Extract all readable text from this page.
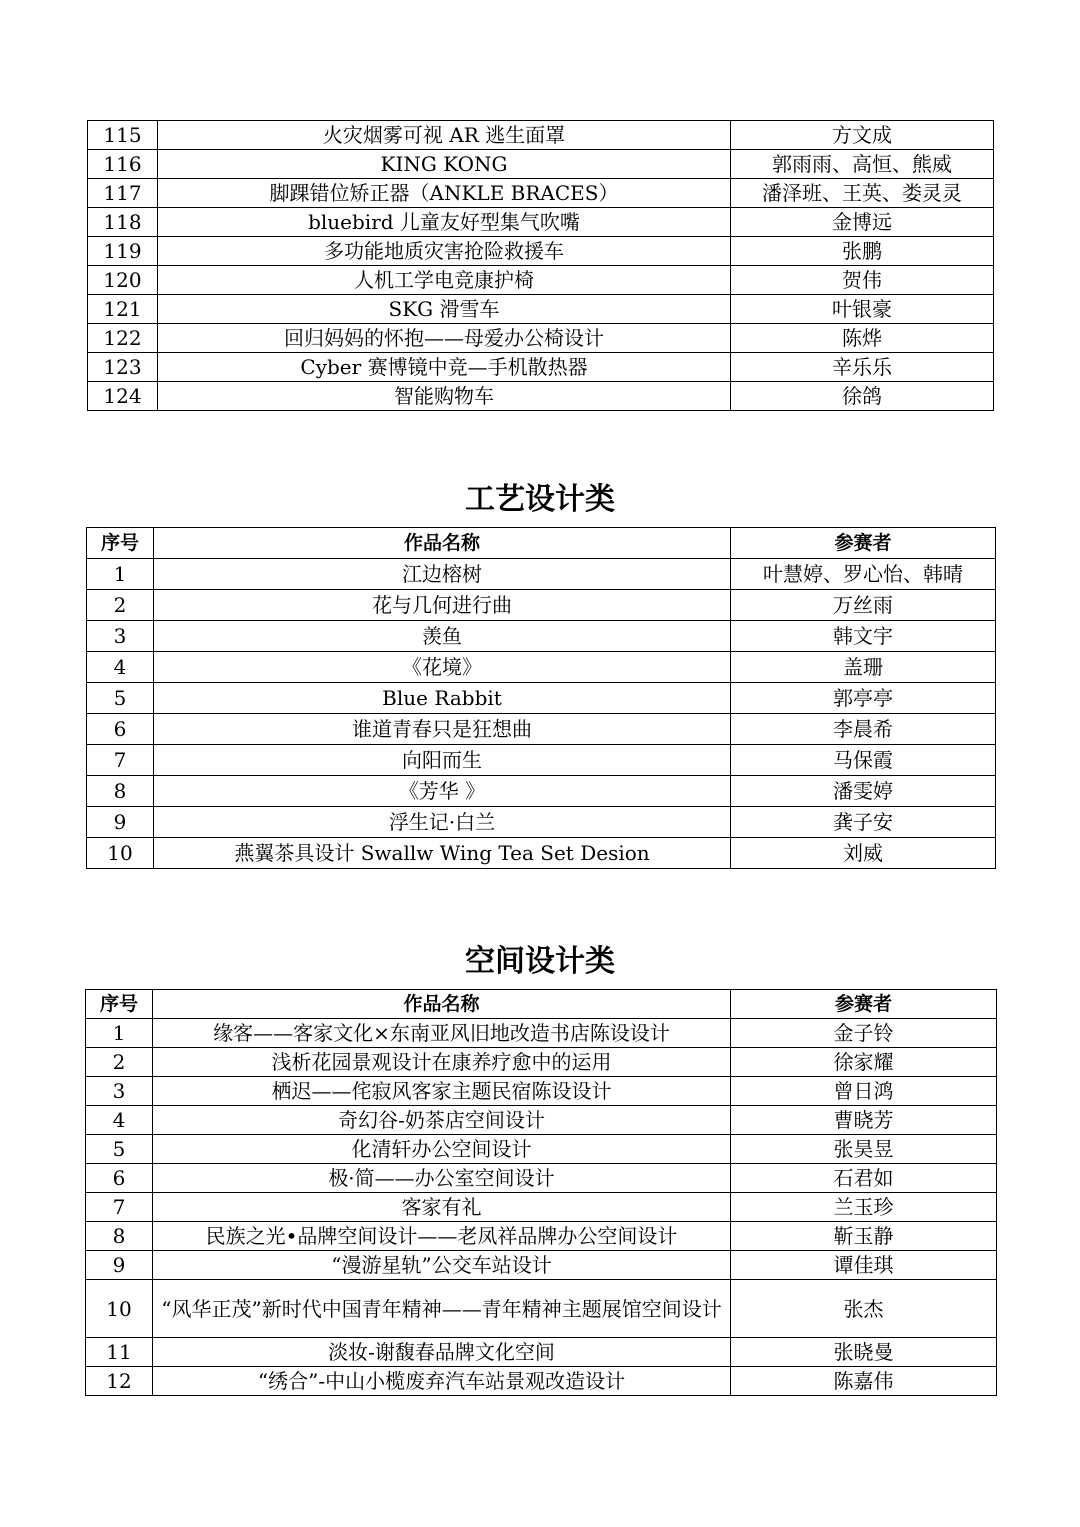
115	火灾烟雾可视 AR 逃生面罩	方文成
116	KING KONG	郭雨雨、高恒、熊威
117	脚踝错位矫正器（ANKLE BRACES）	潘泽班、王英、娄灵灵
118	bluebird 儿童友好型集气吹嘴	金博远
119	多功能地质灾害抢险救援车	张鹏
120	人机工学电竞康护椅	贺伟
121	SKG 滑雪车	叶银豪
122	回归妈妈的怀抱——母爱办公椅设计	陈烨
123	Cyber 赛博镜中竞—手机散热器	辛乐乐
124	智能购物车	徐鸽
工艺设计类
序号	作品名称	参赛者
1	江边榕树	叶慧婷、罗心怡、韩晴
2	花与几何进行曲	万丝雨
3	羡鱼	韩文宇
4	《花境》	盖珊
5	Blue Rabbit	郭亭亭
6	谁道青春只是狂想曲	李晨希
7	向阳而生	马保霞
8	《芳华 》	潘雯婷
9	浮生记·白兰	龚子安
10	燕翼茶具设计 Swallw Wing Tea Set Desion	刘威
空间设计类
序号	作品名称	参赛者
1	缘客——客家文化×东南亚风旧地改造书店陈设设计	金子铃
2	浅析花园景观设计在康养疗愈中的运用	徐家耀
3	栖迟——侘寂风客家主题民宿陈设设计	曾日鸿
4	奇幻谷-奶茶店空间设计	曹晓芳
5	化清轩办公空间设计	张昊昱
6	极·简——办公室空间设计	石君如
7	客家有礼	兰玉珍
8	民族之光•品牌空间设计——老凤祥品牌办公空间设计	靳玉静
9	“漫游星轨”公交车站设计	谭佳琪
10	“风华正茂”新时代中国青年精神——青年精神主题展馆空间设计	张杰
11	淡妆-谢馥春品牌文化空间	张晓曼
12	“绣合”-中山小榄废弃汽车站景观改造设计	陈嘉伟
